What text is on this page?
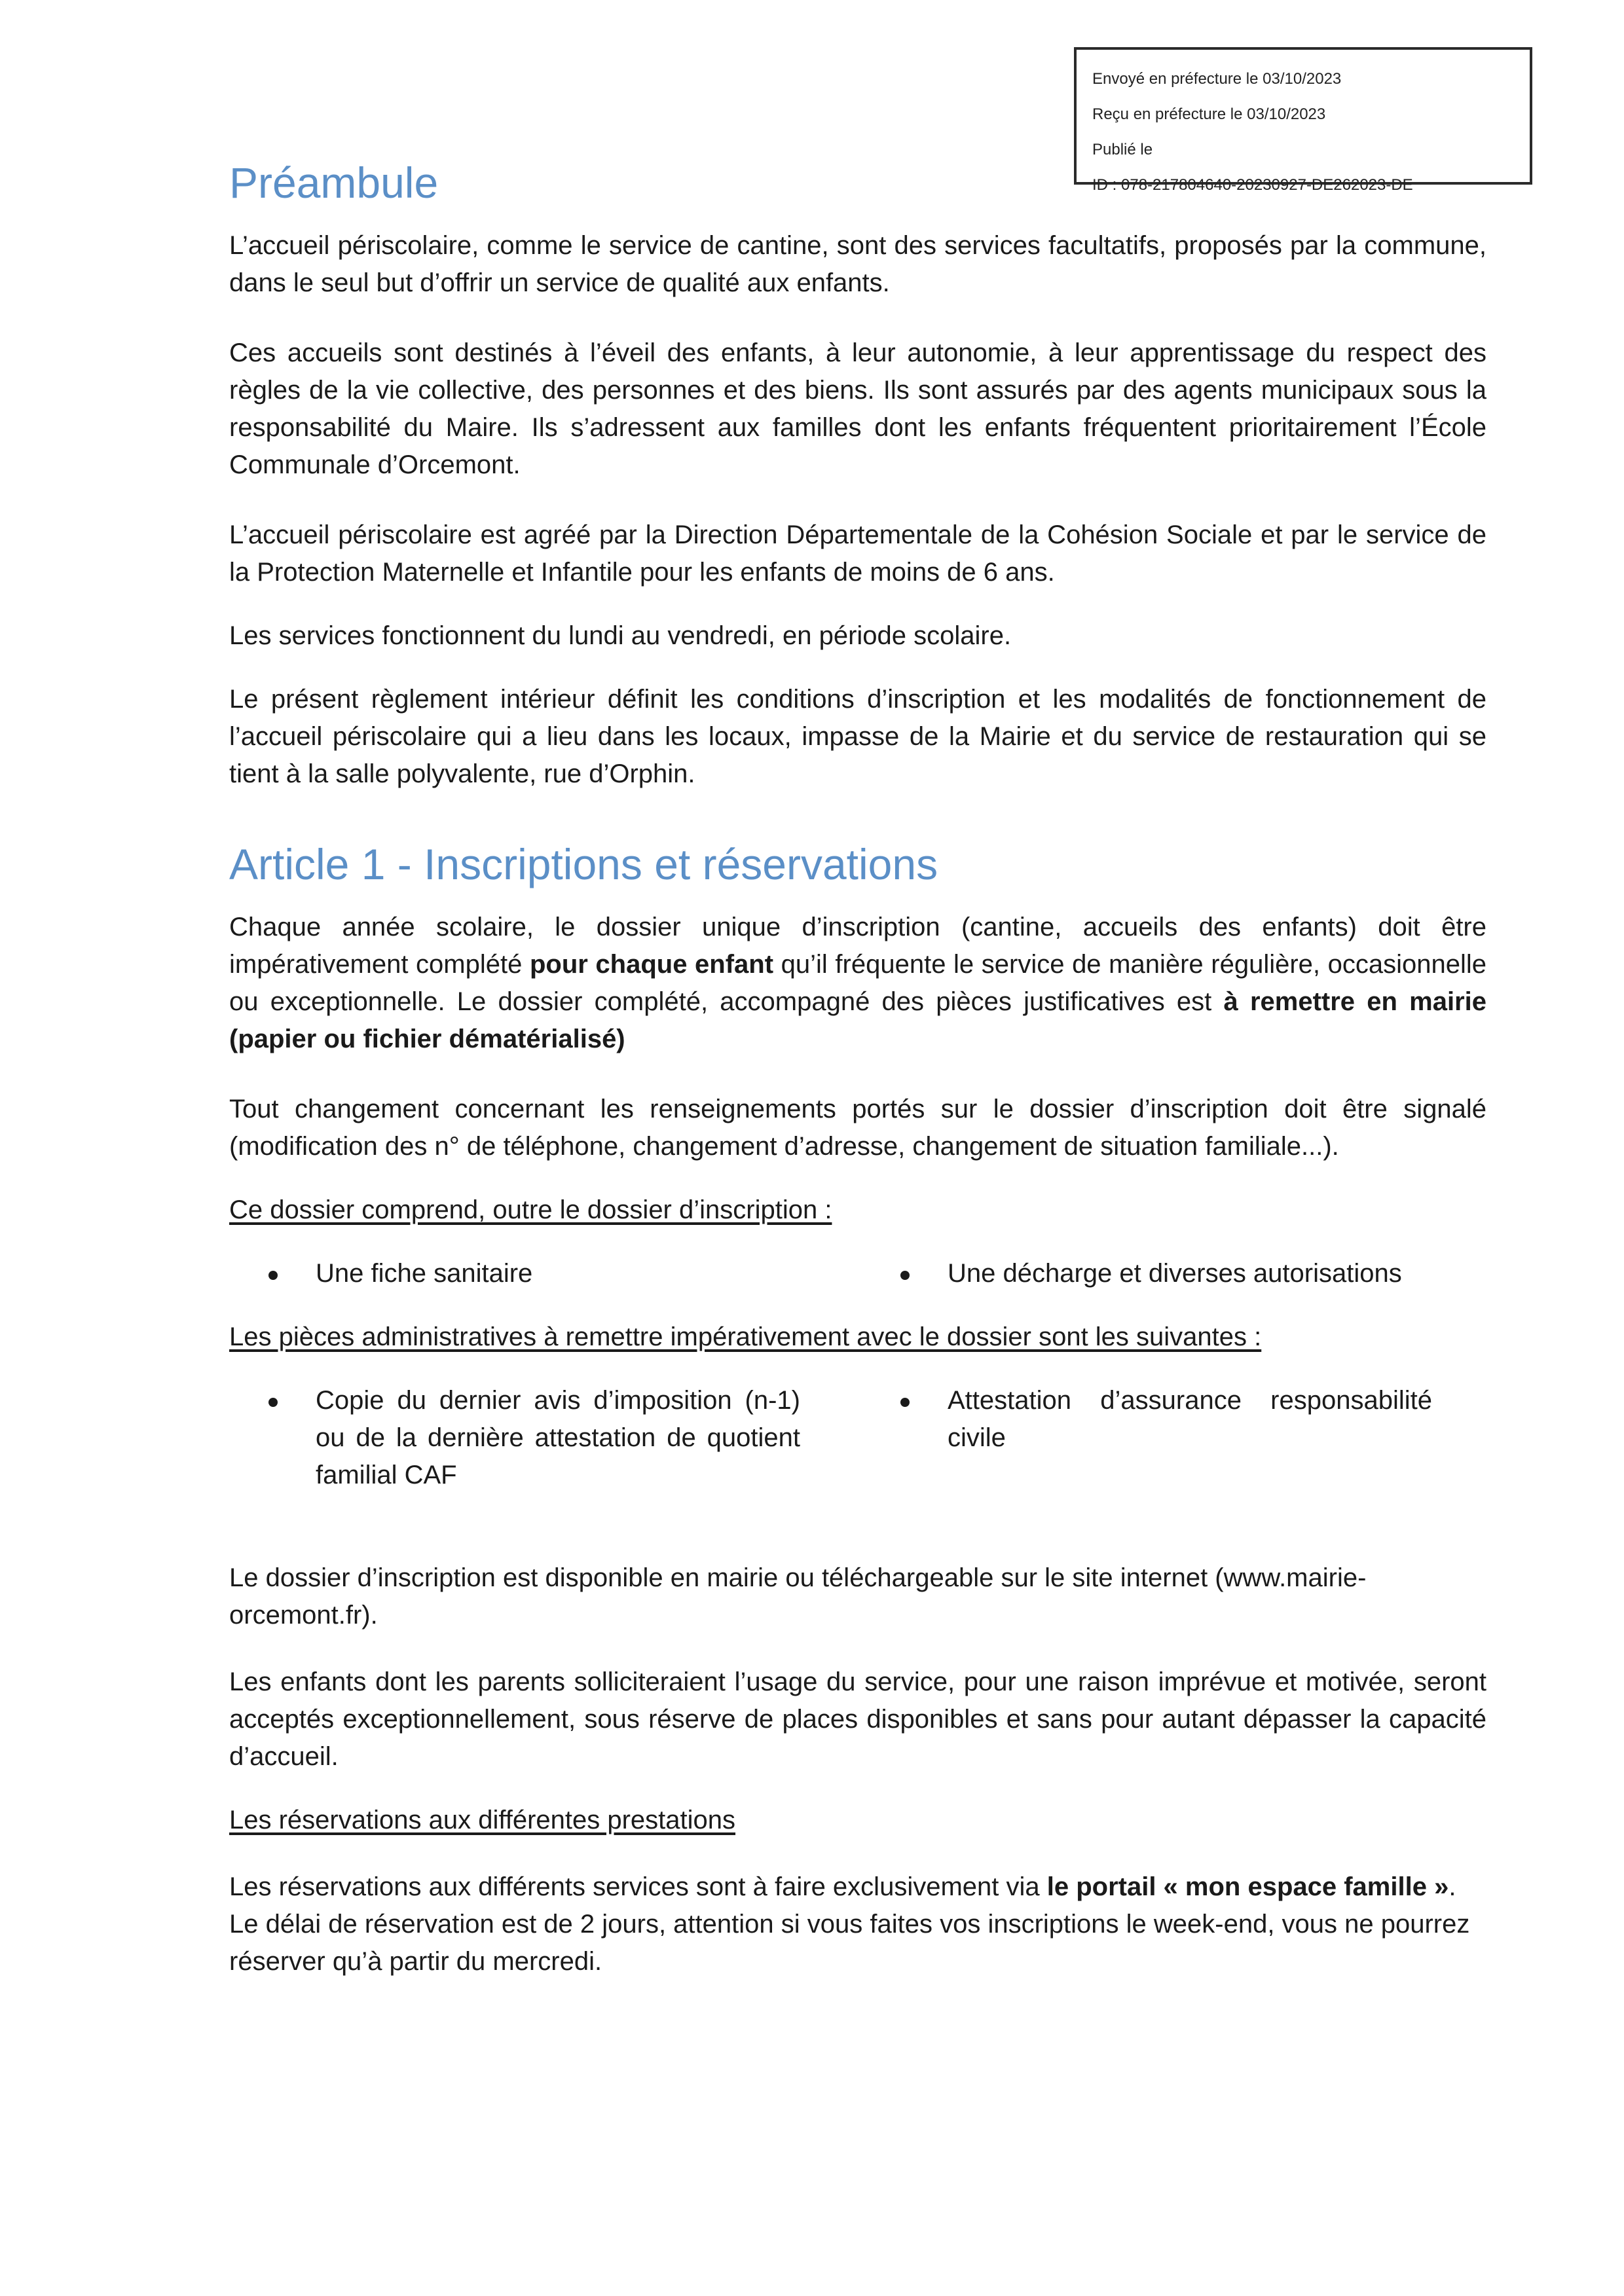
Envoyé en préfecture le 03/10/2023
Reçu en préfecture le 03/10/2023
Publié le
ID : 078-217804640-20230927-DE262023-DE
Préambule

L’accueil périscolaire, comme le service de cantine, sont des services facultatifs, proposés par la commune, dans le seul but d’offrir un service de qualité aux enfants.

Ces accueils sont destinés à l’éveil des enfants, à leur autonomie, à leur apprentissage du respect des règles de la vie collective, des personnes et des biens. Ils sont assurés par des agents municipaux sous la responsabilité du Maire. Ils s’adressent aux familles dont les enfants fréquentent prioritairement l’École Communale d’Orcemont.

L’accueil périscolaire est agréé par la Direction Départementale de la Cohésion Sociale et par le service de la Protection Maternelle et Infantile pour les enfants de moins de 6 ans.

Les services fonctionnent du lundi au vendredi, en période scolaire.

Le présent règlement intérieur définit les conditions d’inscription et les modalités de fonctionnement de l’accueil périscolaire qui a lieu dans les locaux, impasse de la Mairie et du service de restauration qui se tient à la salle polyvalente, rue d’Orphin.

Article 1 - Inscriptions et réservations

Chaque année scolaire, le dossier unique d’inscription (cantine, accueils des enfants) doit être impérativement complété pour chaque enfant qu’il fréquente le service de manière régulière, occasionnelle ou exceptionnelle. Le dossier complété, accompagné des pièces justificatives est à remettre en mairie (papier ou fichier dématérialisé)

Tout changement concernant les renseignements portés sur le dossier d’inscription doit être signalé (modification des n° de téléphone, changement d’adresse, changement de situation familiale...).

Ce dossier comprend, outre le dossier d’inscription :

Une fiche sanitaire	Une décharge et diverses autorisations

Les pièces administratives à remettre impérativement avec le dossier sont les suivantes :

Copie du dernier avis d’imposition (n-1) ou de la dernière attestation de quotient familial CAF
Attestation d’assurance responsabilité civile

Le dossier d’inscription est disponible en mairie ou téléchargeable sur le site internet (www.mairie-orcemont.fr).

Les enfants dont les parents solliciteraient l’usage du service, pour une raison imprévue et motivée, seront acceptés exceptionnellement, sous réserve de places disponibles et sans pour autant dépasser la capacité d’accueil.

Les réservations aux différentes prestations

Les réservations aux différents services sont à faire exclusivement via le portail « mon espace famille ». Le délai de réservation est de 2 jours, attention si vous faites vos inscriptions le week-end, vous ne pourrez réserver qu’à partir du mercredi.
